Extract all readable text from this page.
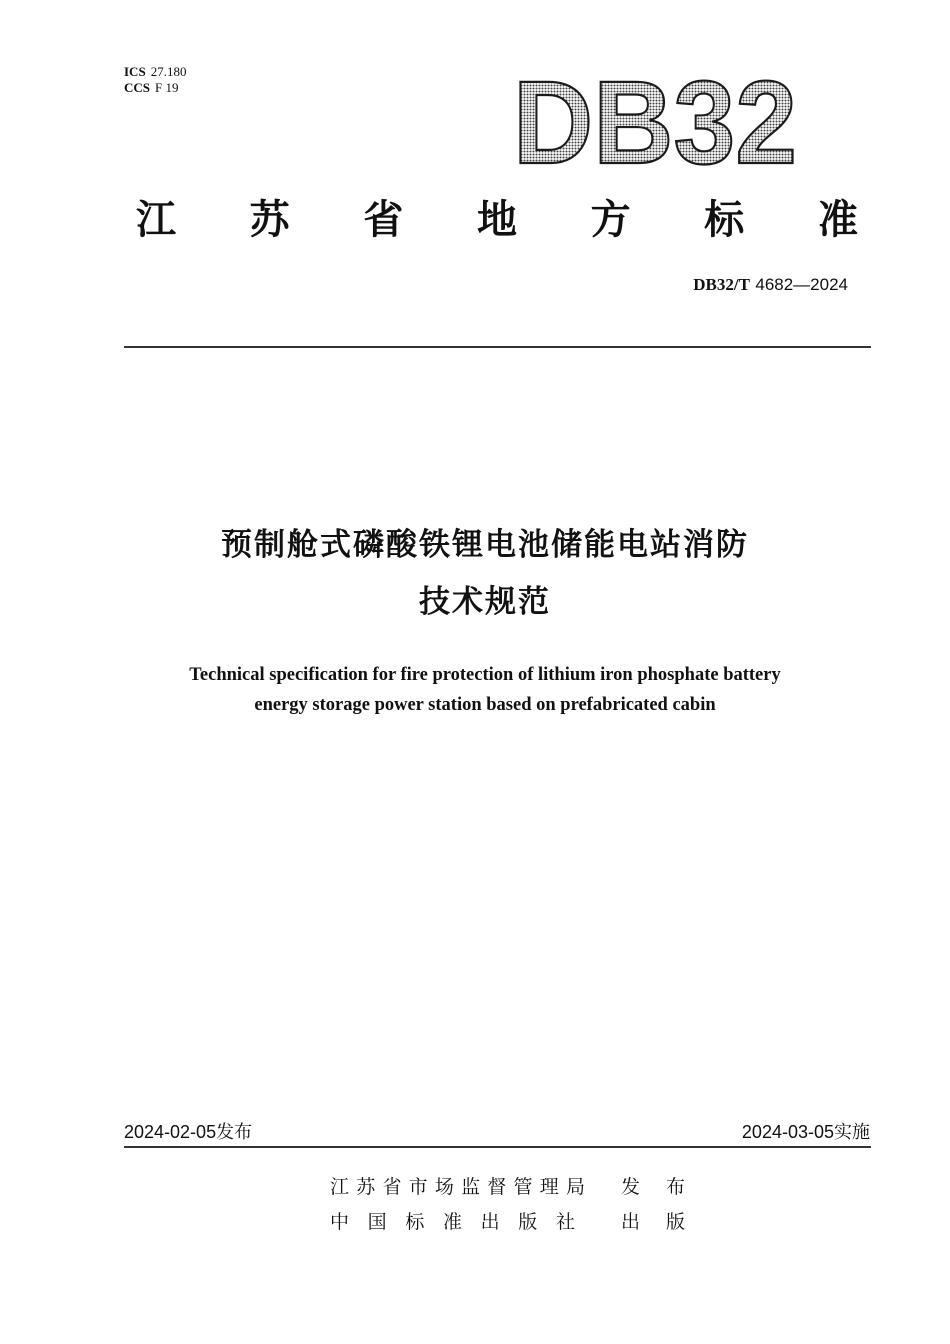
ICS 27.180
CCS F 19	DB32
江 苏 省 地 方 标 准
DB32/T 4682—2024
预制舱式磷酸铁锂电池储能电站消防
技术规范
Technical specification for fire protection of lithium iron phosphate battery
energy storage power station based on prefabricated cabin
2024-02-05发布	2024-03-05实施
江 苏 省 市 场 监 督 管 理 局 发 布
中 国 标 准 出 版 社 出 版
